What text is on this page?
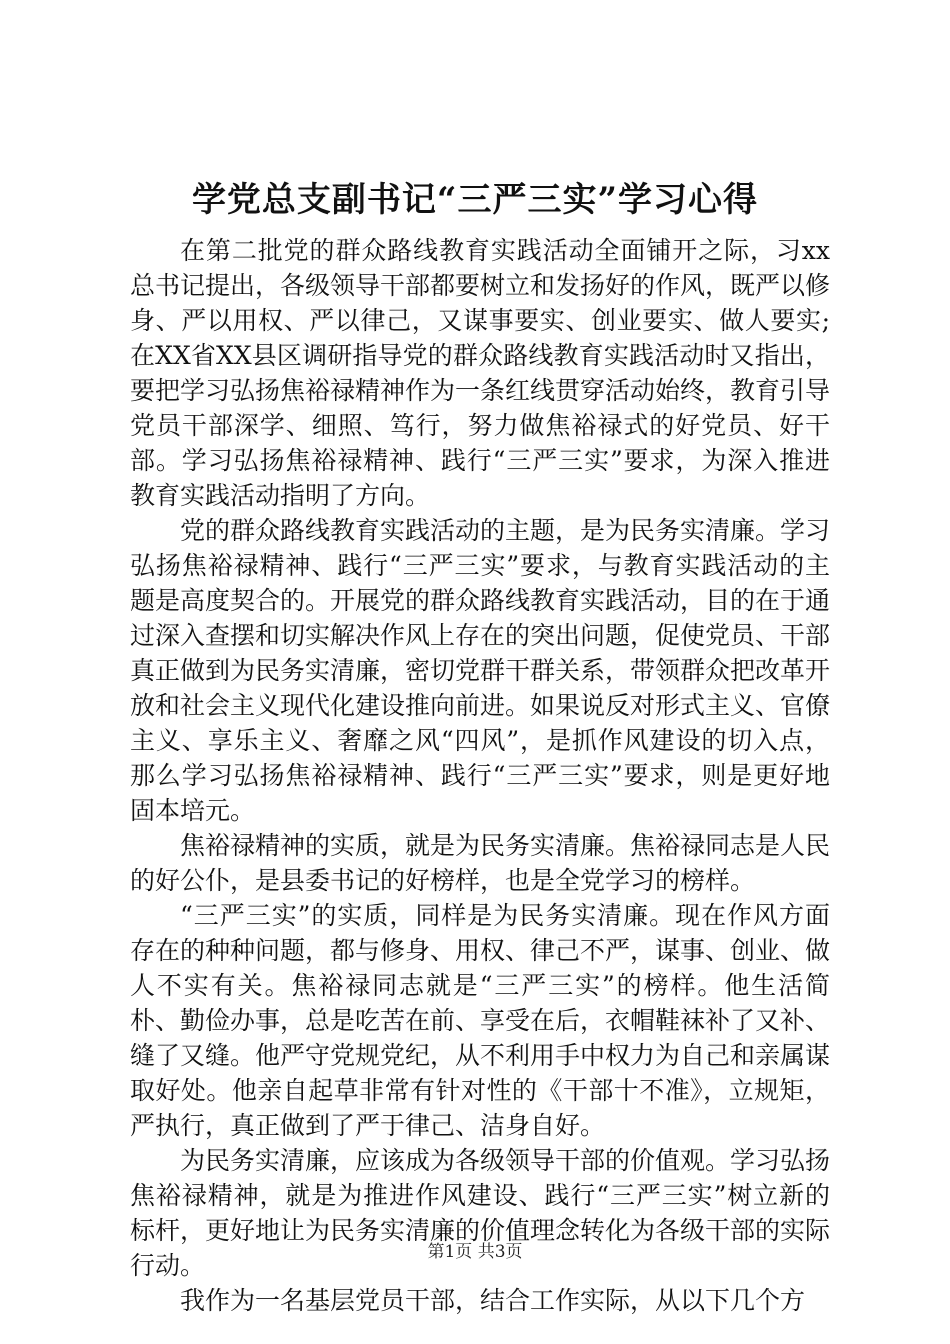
学党总支副书记“三严三实”学习心得

在第二批党的群众路线教育实践活动全面铺开之际，习xx总书记提出，各级领导干部都要树立和发扬好的作风，既严以修身、严以用权、严以律己，又谋事要实、创业要实、做人要实;在XX省XX县区调研指导党的群众路线教育实践活动时又指出，要把学习弘扬焦裕禄精神作为一条红线贯穿活动始终，教育引导党员干部深学、细照、笃行，努力做焦裕禄式的好党员、好干部。学习弘扬焦裕禄精神、践行“三严三实”要求，为深入推进教育实践活动指明了方向。

党的群众路线教育实践活动的主题，是为民务实清廉。学习弘扬焦裕禄精神、践行“三严三实”要求，与教育实践活动的主题是高度契合的。开展党的群众路线教育实践活动，目的在于通过深入查摆和切实解决作风上存在的突出问题，促使党员、干部真正做到为民务实清廉，密切党群干群关系，带领群众把改革开放和社会主义现代化建设推向前进。如果说反对形式主义、官僚主义、享乐主义、奢靡之风“四风”，是抓作风建设的切入点，那么学习弘扬焦裕禄精神、践行“三严三实”要求，则是更好地固本培元。

焦裕禄精神的实质，就是为民务实清廉。焦裕禄同志是人民的好公仆，是县委书记的好榜样，也是全党学习的榜样。

“三严三实”的实质，同样是为民务实清廉。现在作风方面存在的种种问题，都与修身、用权、律己不严，谋事、创业、做人不实有关。焦裕禄同志就是“三严三实”的榜样。他生活简朴、勤俭办事，总是吃苦在前、享受在后，衣帽鞋袜补了又补、缝了又缝。他严守党规党纪，从不利用手中权力为自己和亲属谋取好处。他亲自起草非常有针对性的《干部十不准》，立规矩，严执行，真正做到了严于律己、洁身自好。

为民务实清廉，应该成为各级领导干部的价值观。学习弘扬焦裕禄精神，就是为推进作风建设、践行“三严三实”树立新的标杆，更好地让为民务实清廉的价值理念转化为各级干部的实际行动。

我作为一名基层党员干部，结合工作实际，从以下几个方

第1页 共3页
